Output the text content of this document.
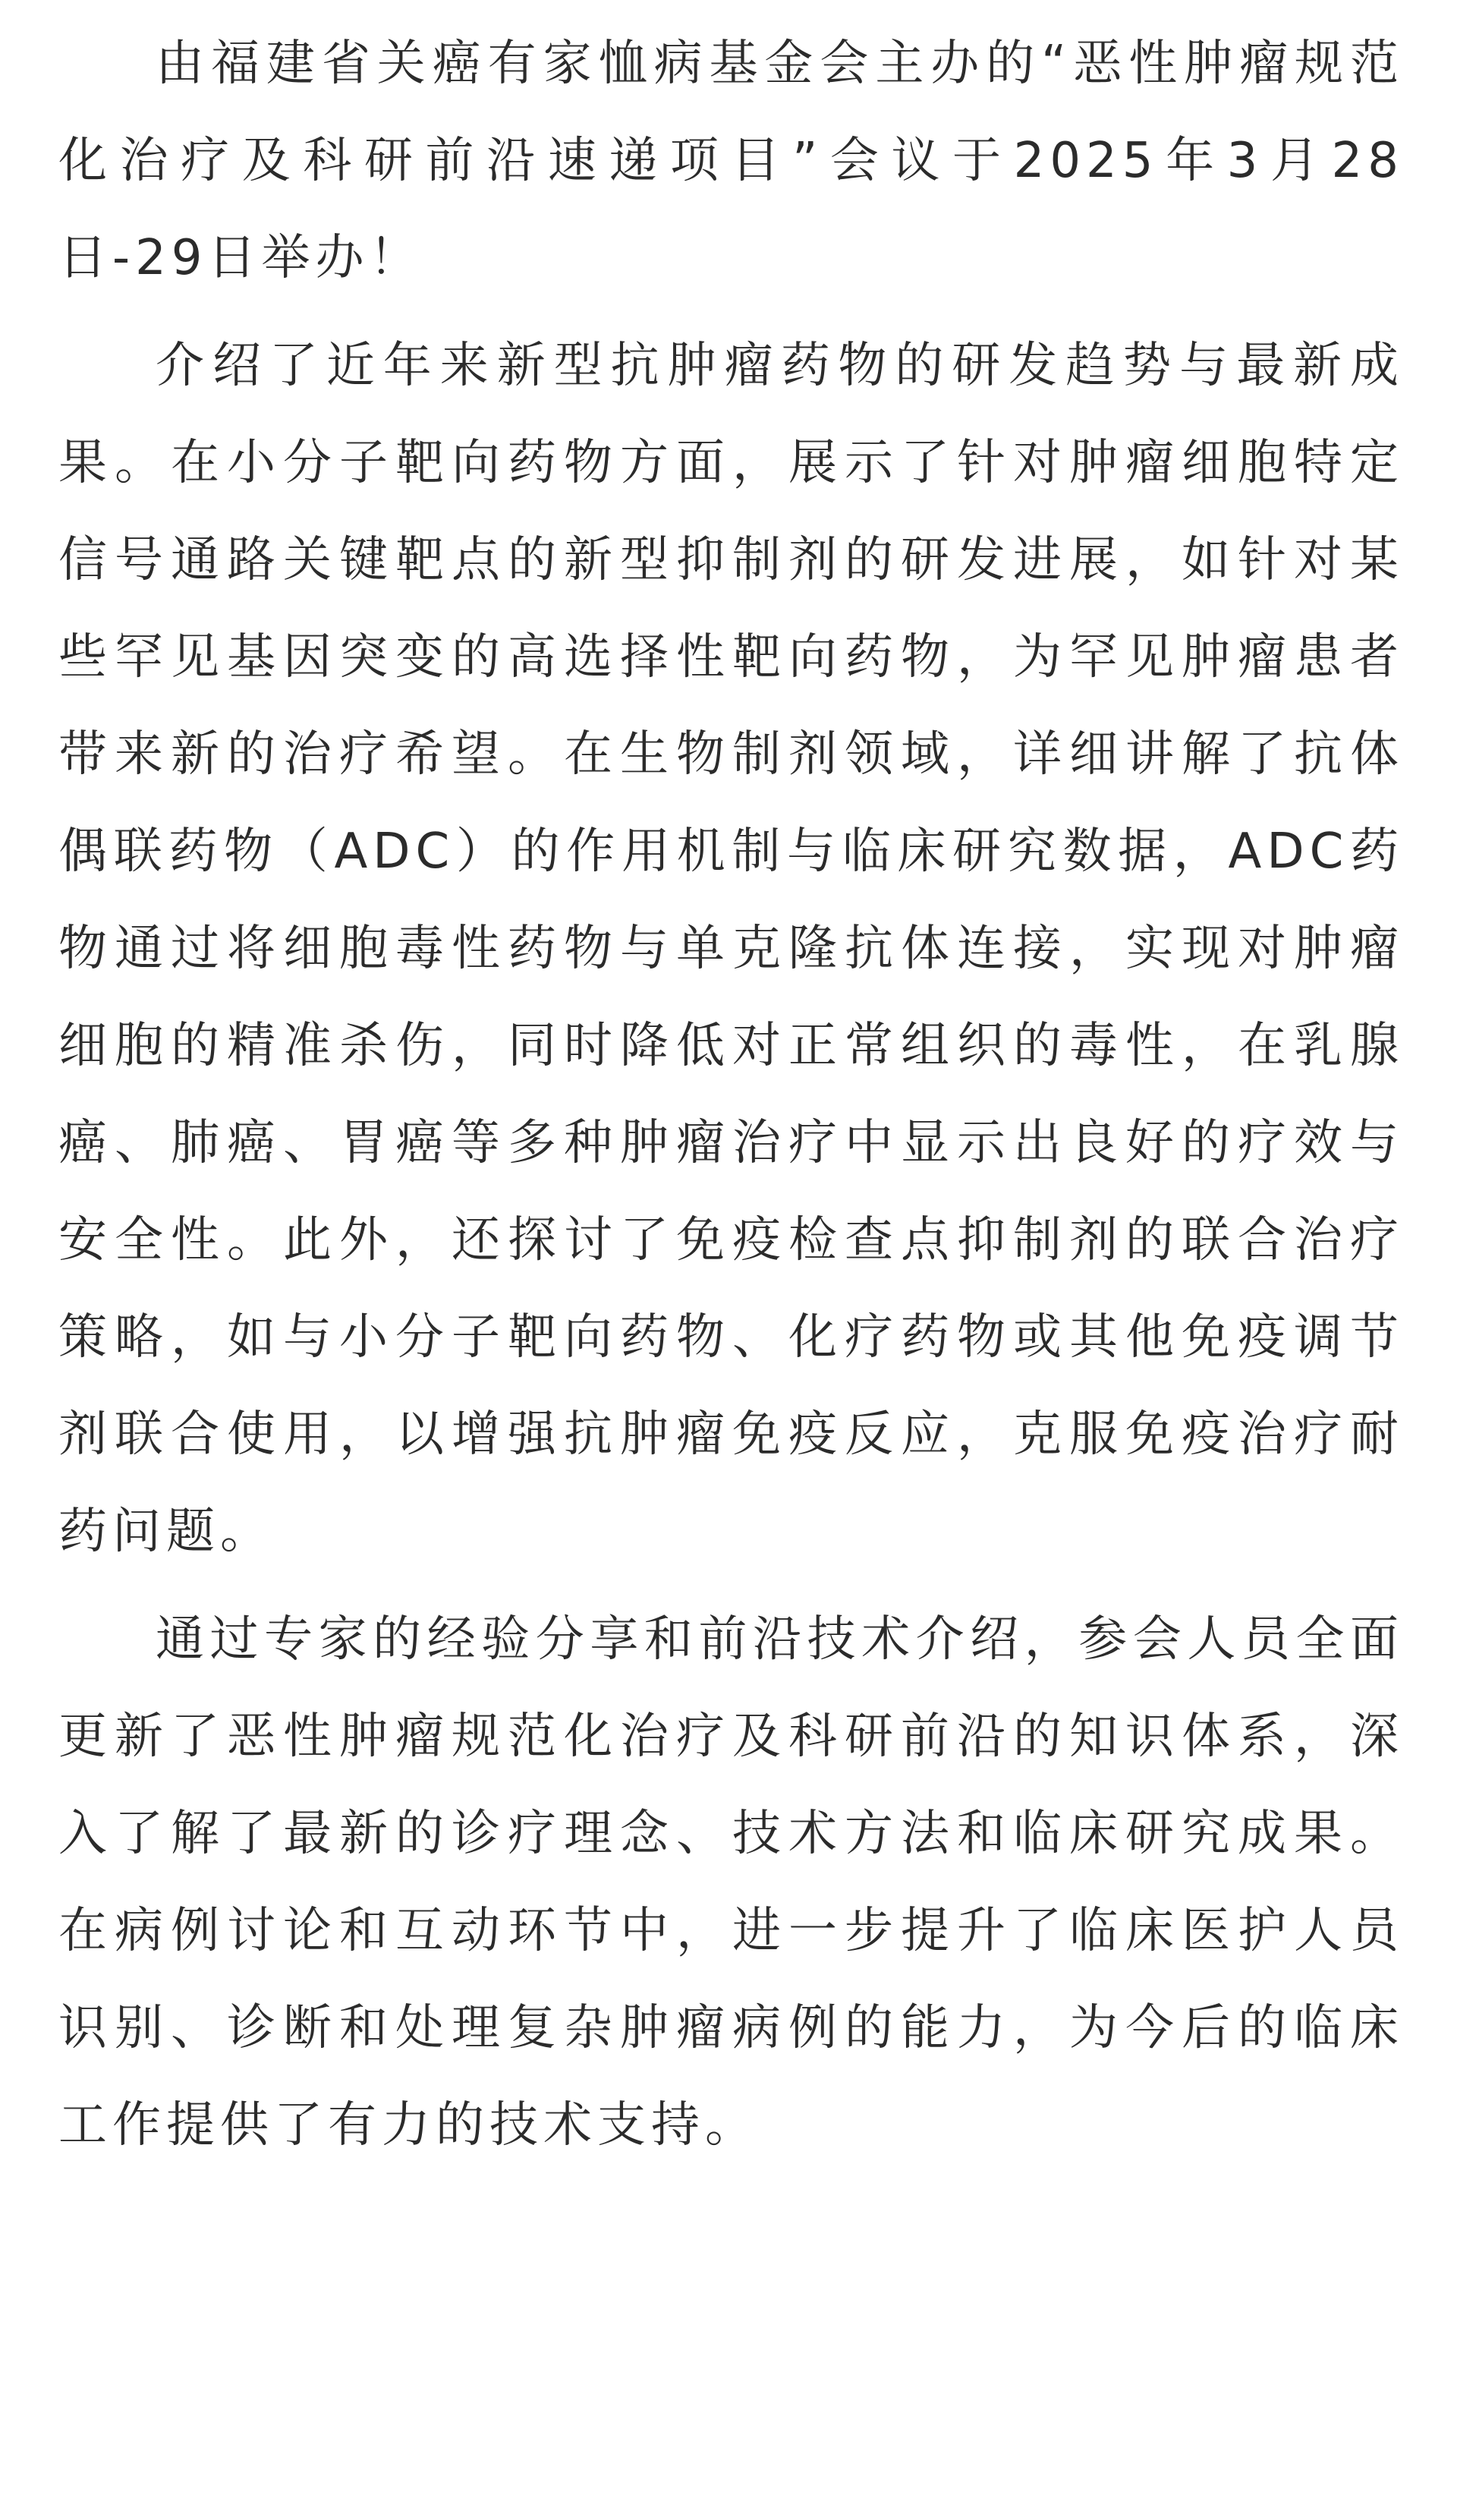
由福建省关癌有家恤病基金会主办的“恶性肿瘤规范化治疗及科研前沿速递项目”会议于2025年3月28日-29日举办！

介绍了近年来新型抗肿瘤药物的研发趋势与最新成果。在小分子靶向药物方面，展示了针对肿瘤细胞特定信号通路关键靶点的新型抑制剂的研发进展，如针对某些罕见基因突变的高选择性靶向药物，为罕见肿瘤患者带来新的治疗希望。在生物制剂领域，详细讲解了抗体偶联药物（ADC）的作用机制与临床研究数据，ADC药物通过将细胞毒性药物与单克隆抗体连接，实现对肿瘤细胞的精准杀伤，同时降低对正常组织的毒性，在乳腺癌、肺癌、胃癌等多种肿瘤治疗中显示出良好的疗效与安全性。此外，还探讨了免疫检查点抑制剂的联合治疗策略，如与小分子靶向药物、化疗药物或其他免疫调节剂联合使用，以增强抗肿瘤免疫反应，克服免疫治疗耐药问题。

通过专家的经验分享和前沿技术介绍，参会人员全面更新了恶性肿瘤规范化治疗及科研前沿的知识体系，深入了解了最新的诊疗理念、技术方法和临床研究成果。在病例讨论和互动环节中，进一步提升了临床医护人员识别、诊断和处理复杂肿瘤病例的能力，为今后的临床工作提供了有力的技术支持。
